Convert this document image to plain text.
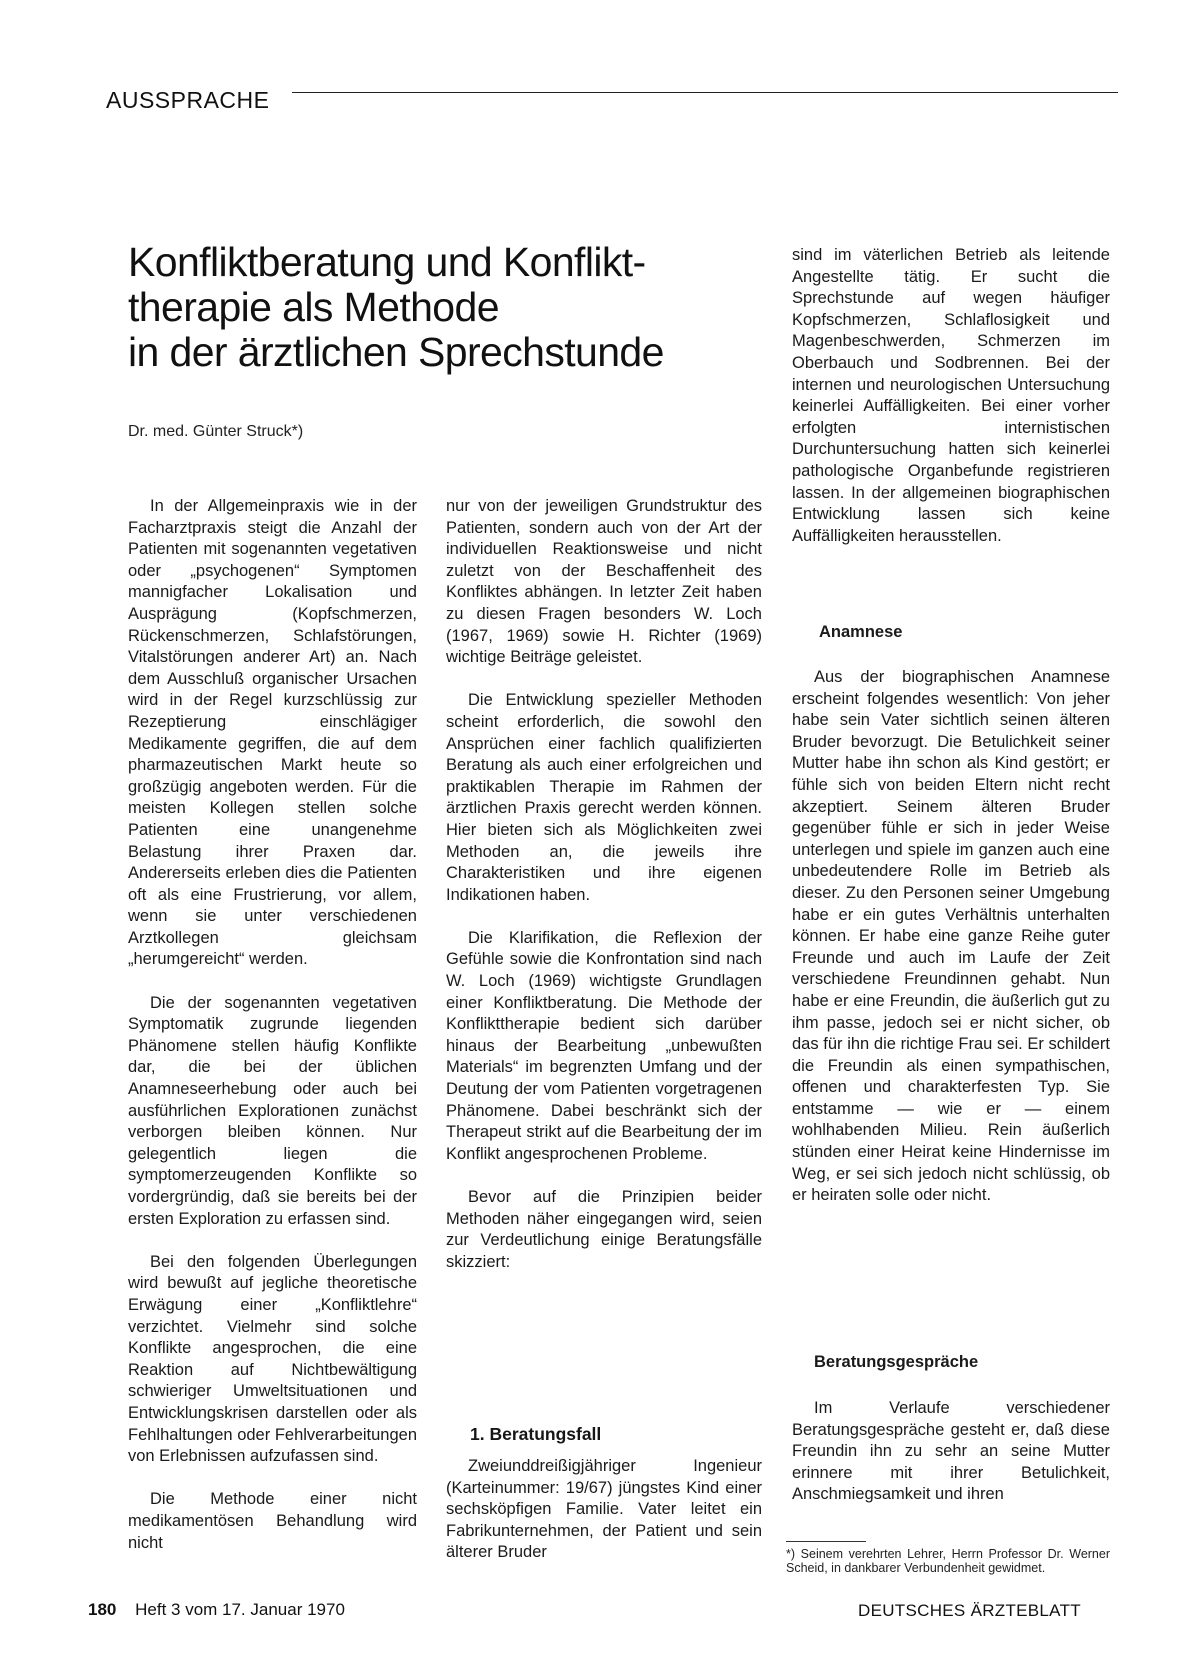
AUSSPRACHE
Konfliktberatung und Konflikt-
therapie als Methode
in der ärztlichen Sprechstunde
Dr. med. Günter Struck*)

In der Allgemeinpraxis wie in der Facharztpraxis steigt die Anzahl der Patienten mit sogenannten vegetativen oder „psychogenen“ Symptomen mannigfacher Lokalisation und Ausprägung (Kopfschmerzen, Rückenschmerzen, Schlafstörungen, Vitalstörungen anderer Art) an. Nach dem Ausschluß organischer Ursachen wird in der Regel kurzschlüssig zur Rezeptierung einschlägiger Medikamente gegriffen, die auf dem pharmazeutischen Markt heute so großzügig angeboten werden. Für die meisten Kollegen stellen solche Patienten eine unangenehme Belastung ihrer Praxen dar. Andererseits erleben dies die Patienten oft als eine Frustrierung, vor allem, wenn sie unter verschiedenen Arztkollegen gleichsam „herumgereicht“ werden.

Die der sogenannten vegetativen Symptomatik zugrunde liegenden Phänomene stellen häufig Konflikte dar, die bei der üblichen Anamneseerhebung oder auch bei ausführlichen Explorationen zunächst verborgen bleiben können. Nur gelegentlich liegen die symptomerzeugenden Konflikte so vordergründig, daß sie bereits bei der ersten Exploration zu erfassen sind.

Bei den folgenden Überlegungen wird bewußt auf jegliche theoretische Erwägung einer „Konfliktlehre“ verzichtet. Vielmehr sind solche Konflikte angesprochen, die eine Reaktion auf Nichtbewältigung schwieriger Umweltsituationen und Entwicklungskrisen darstellen oder als Fehlhaltungen oder Fehlverarbeitungen von Erlebnissen aufzufassen sind.

Die Methode einer nicht medikamentösen Behandlung wird nicht

nur von der jeweiligen Grundstruktur des Patienten, sondern auch von der Art der individuellen Reaktionsweise und nicht zuletzt von der Beschaffenheit des Konfliktes abhängen. In letzter Zeit haben zu diesen Fragen besonders W. Loch (1967, 1969) sowie H. Richter (1969) wichtige Beiträge geleistet.

Die Entwicklung spezieller Methoden scheint erforderlich, die sowohl den Ansprüchen einer fachlich qualifizierten Beratung als auch einer erfolgreichen und praktikablen Therapie im Rahmen der ärztlichen Praxis gerecht werden können. Hier bieten sich als Möglichkeiten zwei Methoden an, die jeweils ihre Charakteristiken und ihre eigenen Indikationen haben.

Die Klarifikation, die Reflexion der Gefühle sowie die Konfrontation sind nach W. Loch (1969) wichtigste Grundlagen einer Konfliktberatung. Die Methode der Konflikttherapie bedient sich darüber hinaus der Bearbeitung „unbewußten Materials“ im begrenzten Umfang und der Deutung der vom Patienten vorgetragenen Phänomene. Dabei beschränkt sich der Therapeut strikt auf die Bearbeitung der im Konflikt angesprochenen Probleme.

Bevor auf die Prinzipien beider Methoden näher eingegangen wird, seien zur Verdeutlichung einige Beratungsfälle skizziert:

1. Beratungsfall

Zweiunddreißigjähriger Ingenieur (Karteinummer: 19/67) jüngstes Kind einer sechsköpfigen Familie. Vater leitet ein Fabrikunternehmen, der Patient und sein älterer Bruder

sind im väterlichen Betrieb als leitende Angestellte tätig. Er sucht die Sprechstunde auf wegen häufiger Kopfschmerzen, Schlaflosigkeit und Magenbeschwerden, Schmerzen im Oberbauch und Sodbrennen. Bei der internen und neurologischen Untersuchung keinerlei Auffälligkeiten. Bei einer vorher erfolgten internistischen Durchuntersuchung hatten sich keinerlei pathologische Organbefunde registrieren lassen. In der allgemeinen biographischen Entwicklung lassen sich keine Auffälligkeiten herausstellen.

Anamnese

Aus der biographischen Anamnese erscheint folgendes wesentlich: Von jeher habe sein Vater sichtlich seinen älteren Bruder bevorzugt. Die Betulichkeit seiner Mutter habe ihn schon als Kind gestört; er fühle sich von beiden Eltern nicht recht akzeptiert. Seinem älteren Bruder gegenüber fühle er sich in jeder Weise unterlegen und spiele im ganzen auch eine unbedeutendere Rolle im Betrieb als dieser. Zu den Personen seiner Umgebung habe er ein gutes Verhältnis unterhalten können. Er habe eine ganze Reihe guter Freunde und auch im Laufe der Zeit verschiedene Freundinnen gehabt. Nun habe er eine Freundin, die äußerlich gut zu ihm passe, jedoch sei er nicht sicher, ob das für ihn die richtige Frau sei. Er schildert die Freundin als einen sympathischen, offenen und charakterfesten Typ. Sie entstamme — wie er — einem wohlhabenden Milieu. Rein äußerlich stünden einer Heirat keine Hindernisse im Weg, er sei sich jedoch nicht schlüssig, ob er heiraten solle oder nicht.

Beratungsgespräche

Im Verlaufe verschiedener Beratungsgespräche gesteht er, daß diese Freundin ihn zu sehr an seine Mutter erinnere mit ihrer Betulichkeit, Anschmiegsamkeit und ihren

*) Seinem verehrten Lehrer, Herrn Professor Dr. Werner Scheid, in dankbarer Verbundenheit gewidmet.
180 Heft 3 vom 17. Januar 1970	DEUTSCHES ÄRZTEBLATT
